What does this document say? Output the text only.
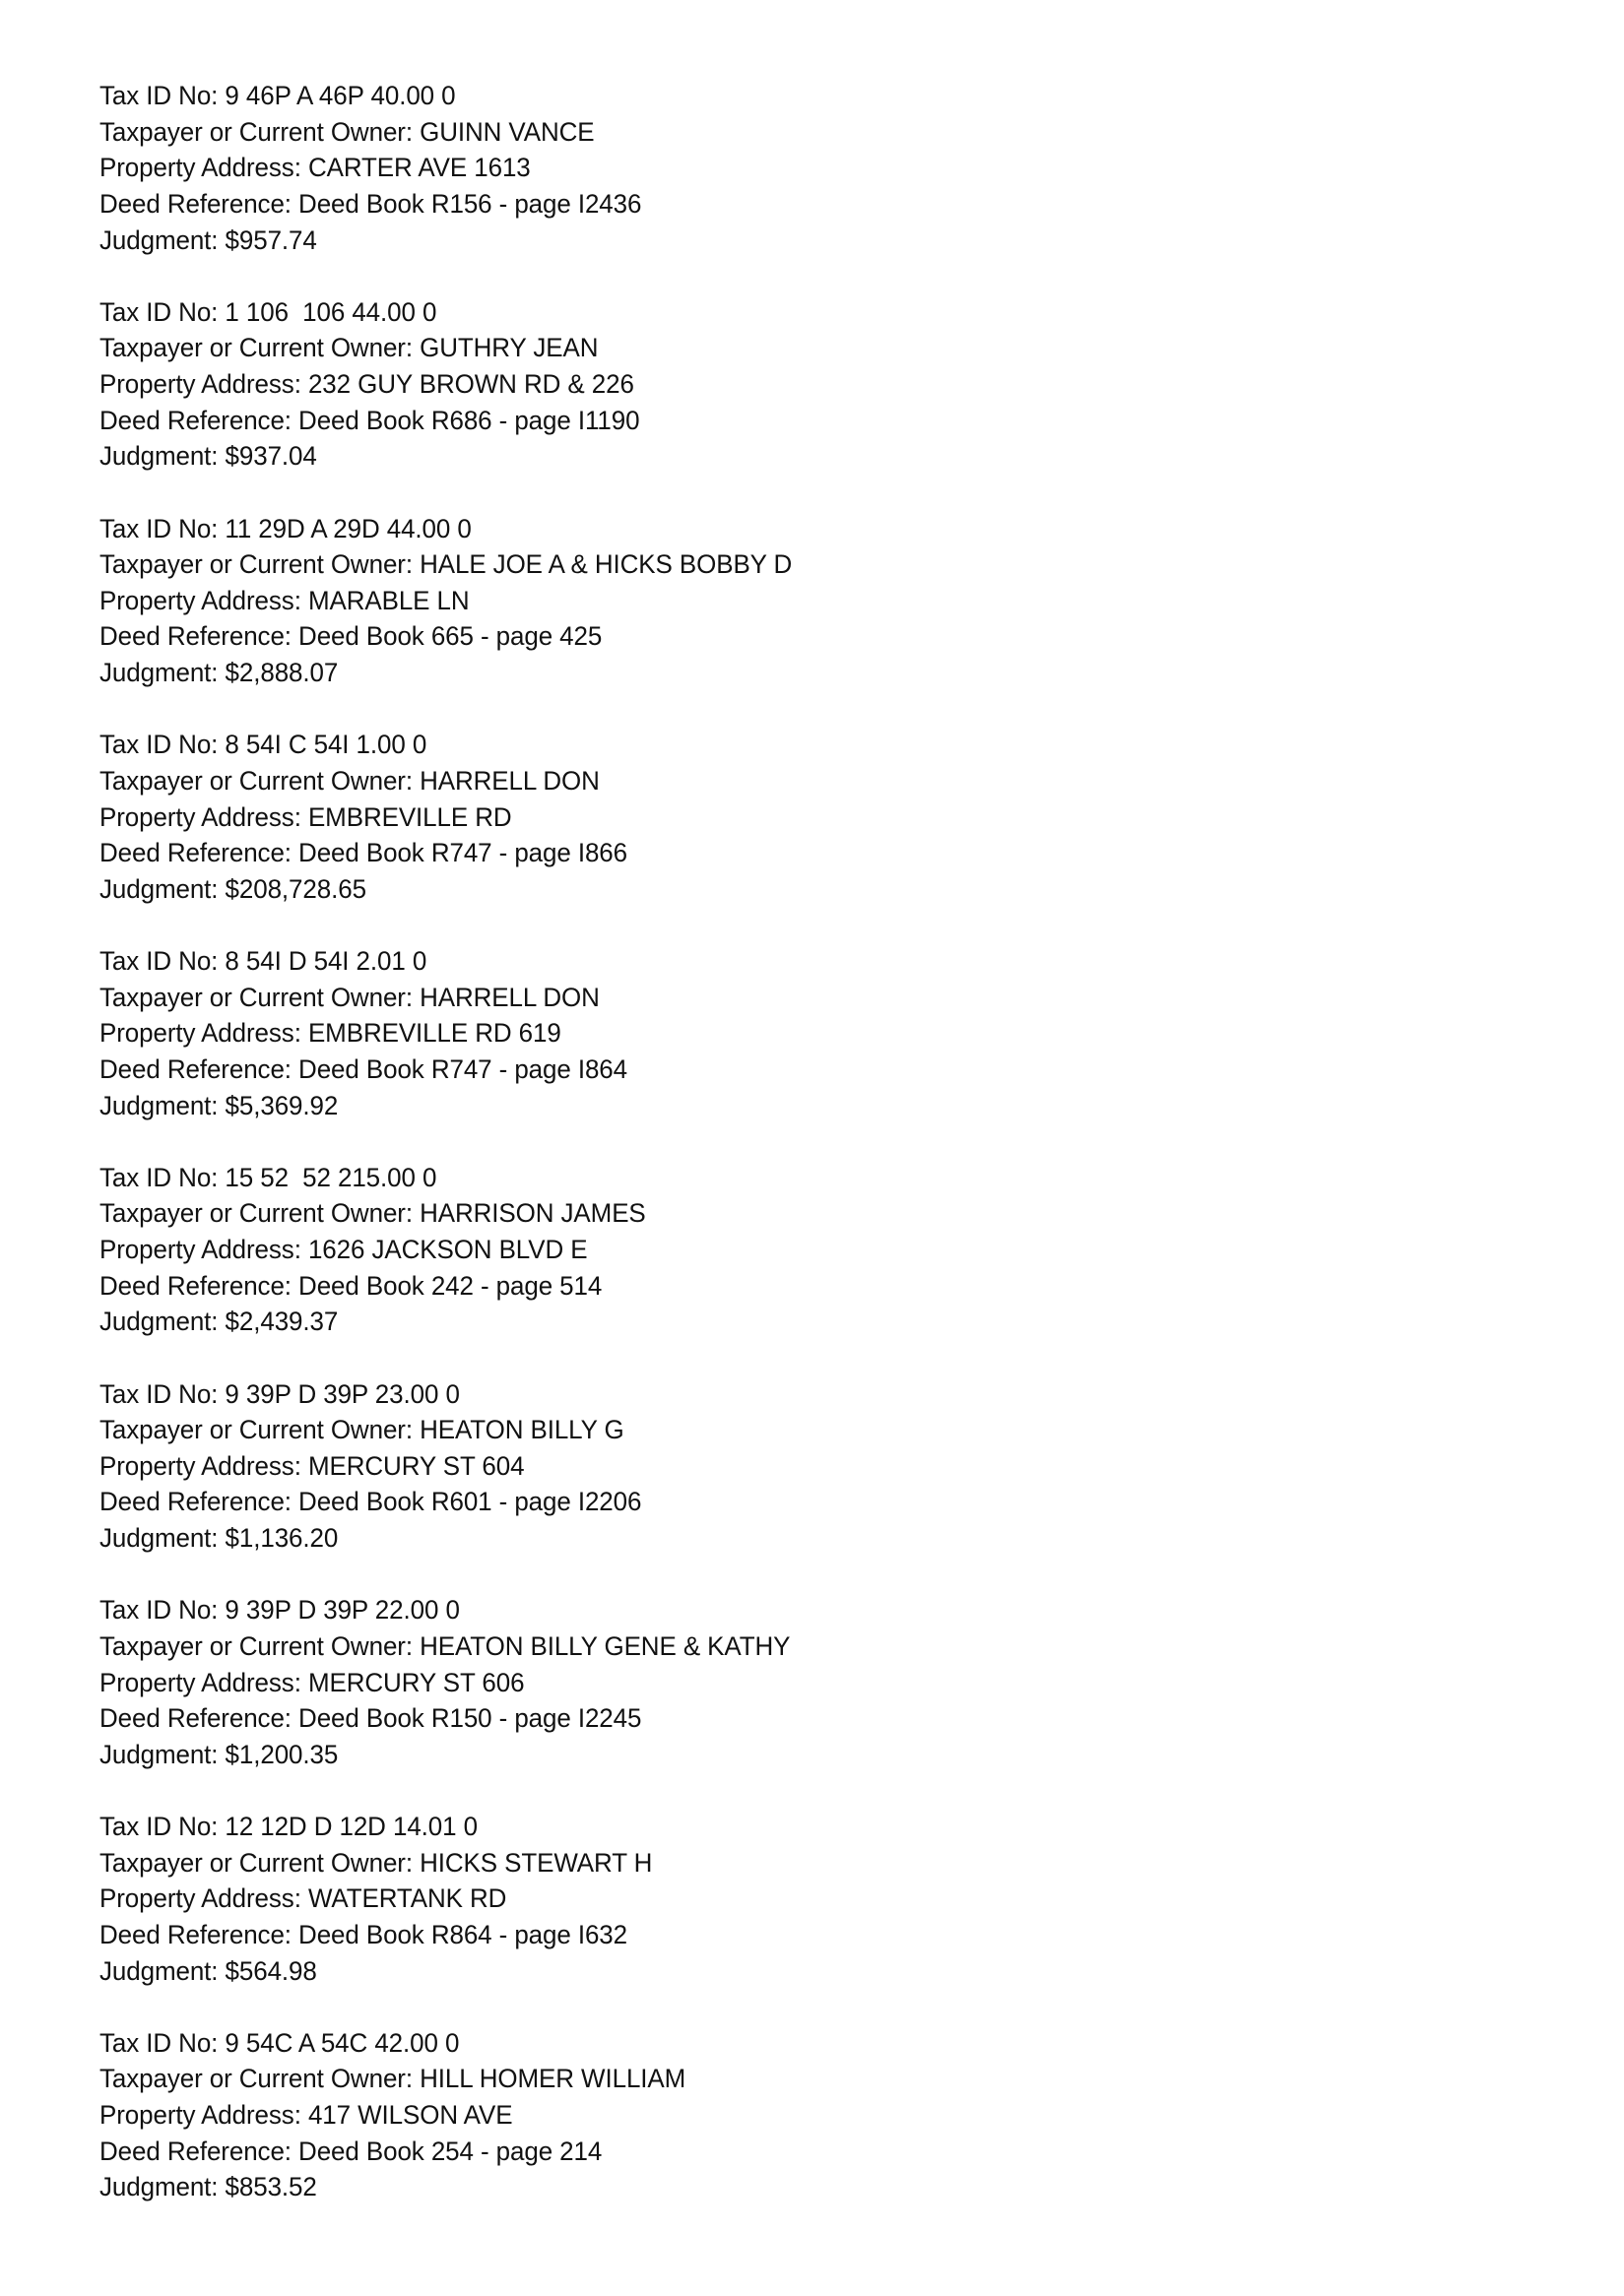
Tax ID No: 9 46P A 46P 40.00 0
Taxpayer or Current Owner: GUINN VANCE
Property Address: CARTER AVE 1613
Deed Reference: Deed Book R156 - page I2436
Judgment: $957.74
Tax ID No: 1 106  106 44.00 0
Taxpayer or Current Owner: GUTHRY JEAN
Property Address: 232 GUY BROWN RD & 226
Deed Reference: Deed Book R686 - page I1190
Judgment: $937.04
Tax ID No: 11 29D A 29D 44.00 0
Taxpayer or Current Owner: HALE JOE A & HICKS BOBBY D
Property Address: MARABLE LN
Deed Reference: Deed Book 665 - page 425
Judgment: $2,888.07
Tax ID No: 8 54I C 54I 1.00 0
Taxpayer or Current Owner: HARRELL DON
Property Address: EMBREVILLE RD
Deed Reference: Deed Book R747 - page I866
Judgment: $208,728.65
Tax ID No: 8 54I D 54I 2.01 0
Taxpayer or Current Owner: HARRELL DON
Property Address: EMBREVILLE RD 619
Deed Reference: Deed Book R747 - page I864
Judgment: $5,369.92
Tax ID No: 15 52  52 215.00 0
Taxpayer or Current Owner: HARRISON JAMES
Property Address: 1626 JACKSON BLVD E
Deed Reference: Deed Book 242 - page 514
Judgment: $2,439.37
Tax ID No: 9 39P D 39P 23.00 0
Taxpayer or Current Owner: HEATON BILLY G
Property Address: MERCURY ST 604
Deed Reference: Deed Book R601 - page I2206
Judgment: $1,136.20
Tax ID No: 9 39P D 39P 22.00 0
Taxpayer or Current Owner: HEATON BILLY GENE & KATHY
Property Address: MERCURY ST 606
Deed Reference: Deed Book R150 - page I2245
Judgment: $1,200.35
Tax ID No: 12 12D D 12D 14.01 0
Taxpayer or Current Owner: HICKS STEWART H
Property Address: WATERTANK RD
Deed Reference: Deed Book R864 - page I632
Judgment: $564.98
Tax ID No: 9 54C A 54C 42.00 0
Taxpayer or Current Owner: HILL HOMER WILLIAM
Property Address: 417 WILSON AVE
Deed Reference: Deed Book 254 - page 214
Judgment: $853.52
